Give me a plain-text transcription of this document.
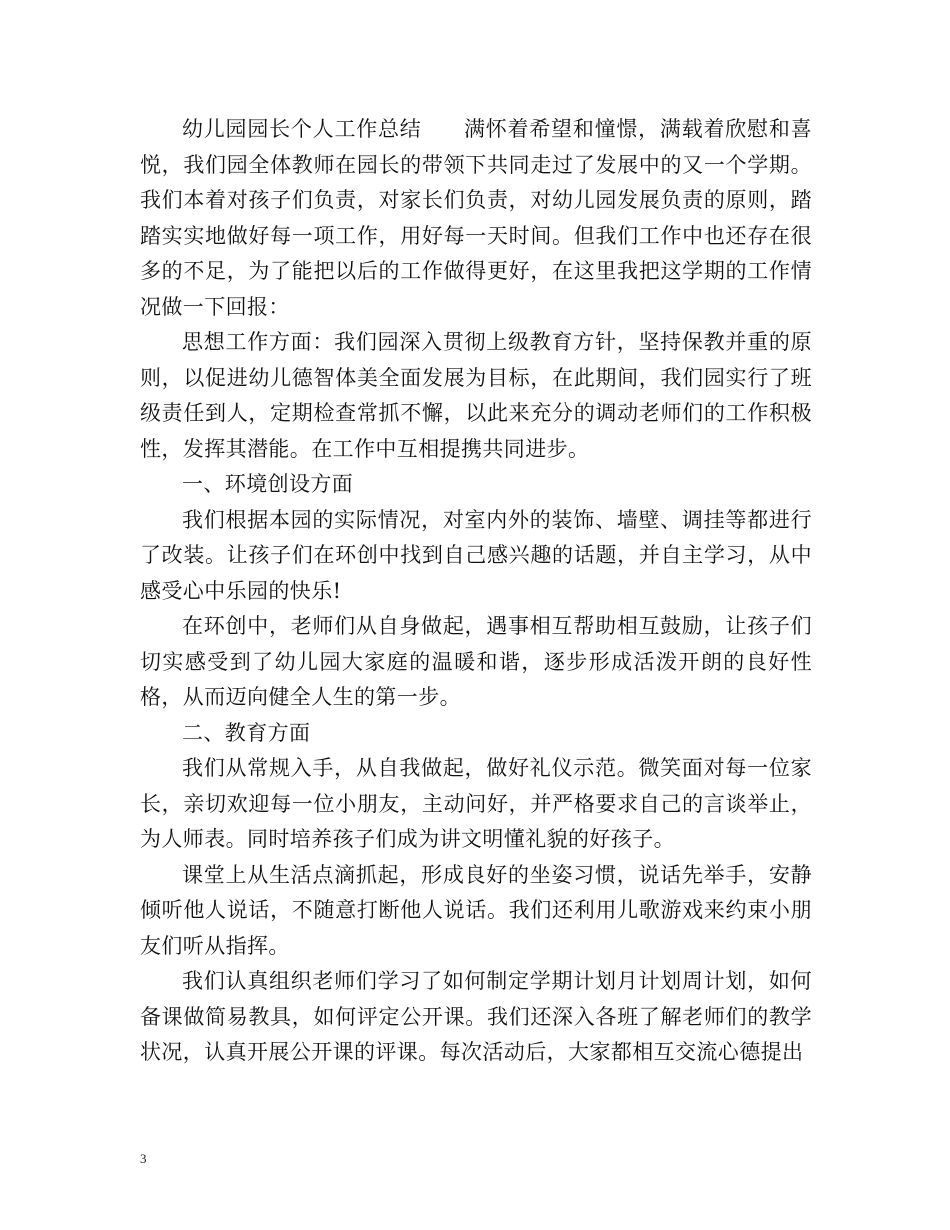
幼儿园园长个人工作总结 满怀着希望和憧憬，满载着欣慰和喜悦，我们园全体教师在园长的带领下共同走过了发展中的又一个学期。我们本着对孩子们负责，对家长们负责，对幼儿园发展负责的原则，踏踏实实地做好每一项工作，用好每一天时间。但我们工作中也还存在很多的不足，为了能把以后的工作做得更好，在这里我把这学期的工作情况做一下回报：

思想工作方面：我们园深入贯彻上级教育方针，坚持保教并重的原则，以促进幼儿德智体美全面发展为目标，在此期间，我们园实行了班级责任到人，定期检查常抓不懈，以此来充分的调动老师们的工作积极性，发挥其潜能。在工作中互相提携共同进步。

一、环境创设方面

我们根据本园的实际情况，对室内外的装饰、墙壁、调挂等都进行了改装。让孩子们在环创中找到自己感兴趣的话题，并自主学习，从中感受心中乐园的快乐!

在环创中，老师们从自身做起，遇事相互帮助相互鼓励，让孩子们切实感受到了幼儿园大家庭的温暖和谐，逐步形成活泼开朗的良好性格，从而迈向健全人生的第一步。

二、教育方面

我们从常规入手，从自我做起，做好礼仪示范。微笑面对每一位家长，亲切欢迎每一位小朋友，主动问好，并严格要求自己的言谈举止，为人师表。同时培养孩子们成为讲文明懂礼貌的好孩子。

课堂上从生活点滴抓起，形成良好的坐姿习惯，说话先举手，安静倾听他人说话，不随意打断他人说话。我们还利用儿歌游戏来约束小朋友们听从指挥。

我们认真组织老师们学习了如何制定学期计划月计划周计划，如何备课做简易教具，如何评定公开课。我们还深入各班了解老师们的教学状况，认真开展公开课的评课。每次活动后，大家都相互交流心德提出

3
